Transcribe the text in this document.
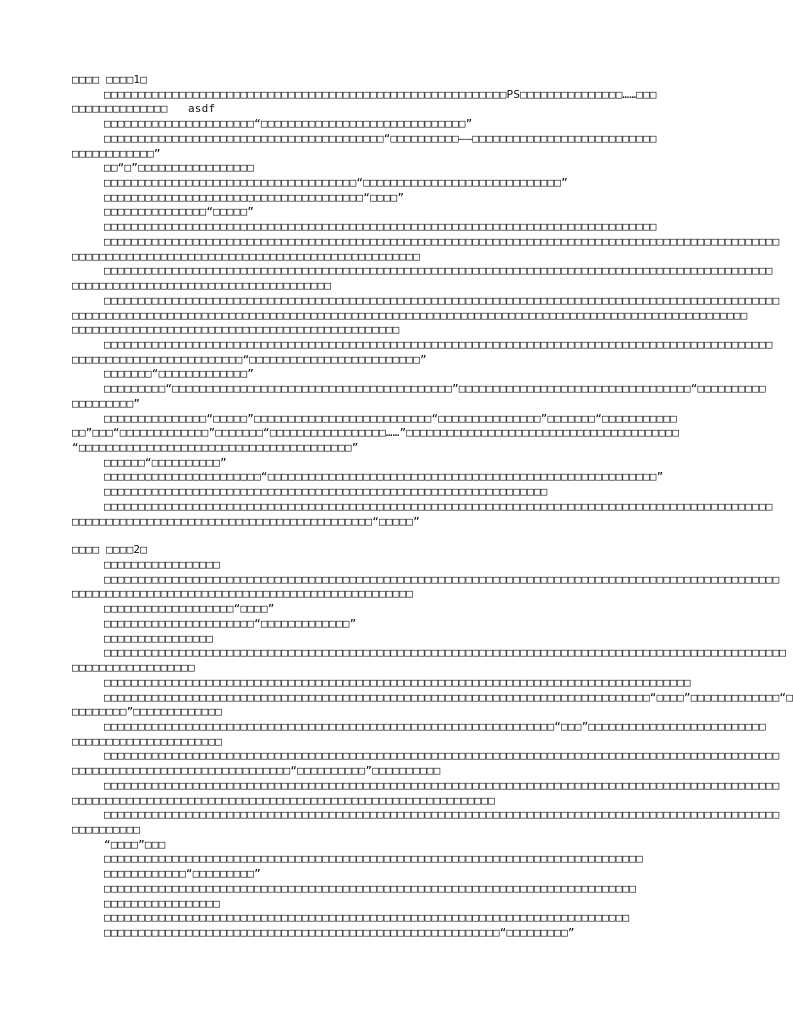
□□□□ □□□□1□
□□□□□□□□□□□□□□□□□□□□□□□□□□□□□□□□□□□□□□□□□□□□□□□□□□□□□□□□□□□PS□□□□□□□□□□□□□□□……□□□
□□□□□□□□□□□□□□   asdf
□□□□□□□□□□□□□□□□□□□□□□“□□□□□□□□□□□□□□□□□□□□□□□□□□□□□□”
□□□□□□□□□□□□□□□□□□□□□□□□□□□□□□□□□□□□□□□□□“□□□□□□□□□□——□□□□□□□□□□□□□□□□□□□□□□□□□□□
□□□□□□□□□□□□”
□□“□”□□□□□□□□□□□□□□□□□
□□□□□□□□□□□□□□□□□□□□□□□□□□□□□□□□□□□□□“□□□□□□□□□□□□□□□□□□□□□□□□□□□□□”
□□□□□□□□□□□□□□□□□□□□□□□□□□□□□□□□□□□□□□“□□□□”
□□□□□□□□□□□□□□□“□□□□□”
□□□□□□□□□□□□□□□□□□□□□□□□□□□□□□□□□□□□□□□□□□□□□□□□□□□□□□□□□□□□□□□□□□□□□□□□□□□□□□□□□
□□□□□□□□□□□□□□□□□□□□□□□□□□□□□□□□□□□□□□□□□□□□□□□□□□□□□□□□□□□□□□□□□□□□□□□□□□□□□□□□□□□□□□□□□□□□□□□□□□□
□□□□□□□□□□□□□□□□□□□□□□□□□□□□□□□□□□□□□□□□□□□□□□□□□□□
□□□□□□□□□□□□□□□□□□□□□□□□□□□□□□□□□□□□□□□□□□□□□□□□□□□□□□□□□□□□□□□□□□□□□□□□□□□□□□□□□□□□□□□□□□□□□□□□□□
□□□□□□□□□□□□□□□□□□□□□□□□□□□□□□□□□□□□□□
□□□□□□□□□□□□□□□□□□□□□□□□□□□□□□□□□□□□□□□□□□□□□□□□□□□□□□□□□□□□□□□□□□□□□□□□□□□□□□□□□□□□□□□□□□□□□□□□□□□
□□□□□□□□□□□□□□□□□□□□□□□□□□□□□□□□□□□□□□□□□□□□□□□□□□□□□□□□□□□□□□□□□□□□□□□□□□□□□□□□□□□□□□□□□□□□□□□□□□□
□□□□□□□□□□□□□□□□□□□□□□□□□□□□□□□□□□□□□□□□□□□□□□□□
□□□□□□□□□□□□□□□□□□□□□□□□□□□□□□□□□□□□□□□□□□□□□□□□□□□□□□□□□□□□□□□□□□□□□□□□□□□□□□□□□□□□□□□□□□□□□□□□□□
□□□□□□□□□□□□□□□□□□□□□□□□□“□□□□□□□□□□□□□□□□□□□□□□□□□”
□□□□□□□“□□□□□□□□□□□□□”
□□□□□□□□□“□□□□□□□□□□□□□□□□□□□□□□□□□□□□□□□□□□□□□□□□□”□□□□□□□□□□□□□□□□□□□□□□□□□□□□□□□□□□“□□□□□□□□□□
□□□□□□□□□”
□□□□□□□□□□□□□□□“□□□□□”□□□□□□□□□□□□□□□□□□□□□□□□□□“□□□□□□□□□□□□□□□”□□□□□□□“□□□□□□□□□□□
□□”□□□“□□□□□□□□□□□□□”□□□□□□□“□□□□□□□□□□□□□□□□□……”□□□□□□□□□□□□□□□□□□□□□□□□□□□□□□□□□□□□□□□□
“□□□□□□□□□□□□□□□□□□□□□□□□□□□□□□□□□□□□□□□□”
□□□□□□“□□□□□□□□□□”
□□□□□□□□□□□□□□□□□□□□□□□“□□□□□□□□□□□□□□□□□□□□□□□□□□□□□□□□□□□□□□□□□□□□□□□□□□□□□□□□□”
□□□□□□□□□□□□□□□□□□□□□□□□□□□□□□□□□□□□□□□□□□□□□□□□□□□□□□□□□□□□□□□□□
□□□□□□□□□□□□□□□□□□□□□□□□□□□□□□□□□□□□□□□□□□□□□□□□□□□□□□□□□□□□□□□□□□□□□□□□□□□□□□□□□□□□□□□□□□□□□□□□□□
□□□□□□□□□□□□□□□□□□□□□□□□□□□□□□□□□□□□□□□□□□□□“□□□□□”
□□□□ □□□□2□
□□□□□□□□□□□□□□□□□
□□□□□□□□□□□□□□□□□□□□□□□□□□□□□□□□□□□□□□□□□□□□□□□□□□□□□□□□□□□□□□□□□□□□□□□□□□□□□□□□□□□□□□□□□□□□□□□□□□□
□□□□□□□□□□□□□□□□□□□□□□□□□□□□□□□□□□□□□□□□□□□□□□□□□□
□□□□□□□□□□□□□□□□□□□“□□□□”
□□□□□□□□□□□□□□□□□□□□□□“□□□□□□□□□□□□□”
□□□□□□□□□□□□□□□□
□□□□□□□□□□□□□□□□□□□□□□□□□□□□□□□□□□□□□□□□□□□□□□□□□□□□□□□□□□□□□□□□□□□□□□□□□□□□□□□□□□□□□□□□□□□□□□□□□□□□
□□□□□□□□□□□□□□□□□□
□□□□□□□□□□□□□□□□□□□□□□□□□□□□□□□□□□□□□□□□□□□□□□□□□□□□□□□□□□□□□□□□□□□□□□□□□□□□□□□□□□□□□□
□□□□□□□□□□□□□□□□□□□□□□□□□□□□□□□□□□□□□□□□□□□□□□□□□□□□□□□□□□□□□□□□□□□□□□□□□□□□□□□□“□□□□”□□□□□□□□□□□□□“□
□□□□□□□□”□□□□□□□□□□□□□
□□□□□□□□□□□□□□□□□□□□□□□□□□□□□□□□□□□□□□□□□□□□□□□□□□□□□□□□□□□□□□□□□□“□□□”□□□□□□□□□□□□□□□□□□□□□□□□□□
□□□□□□□□□□□□□□□□□□□□□□
□□□□□□□□□□□□□□□□□□□□□□□□□□□□□□□□□□□□□□□□□□□□□□□□□□□□□□□□□□□□□□□□□□□□□□□□□□□□□□□□□□□□□□□□□□□□□□□□□□□
□□□□□□□□□□□□□□□□□□□□□□□□□□□□□□□□“□□□□□□□□□□”□□□□□□□□□□
□□□□□□□□□□□□□□□□□□□□□□□□□□□□□□□□□□□□□□□□□□□□□□□□□□□□□□□□□□□□□□□□□□□□□□□□□□□□□□□□□□□□□□□□□□□□□□□□□□□
□□□□□□□□□□□□□□□□□□□□□□□□□□□□□□□□□□□□□□□□□□□□□□□□□□□□□□□□□□□□□□
□□□□□□□□□□□□□□□□□□□□□□□□□□□□□□□□□□□□□□□□□□□□□□□□□□□□□□□□□□□□□□□□□□□□□□□□□□□□□□□□□□□□□□□□□□□□□□□□□□□
□□□□□□□□□□
“□□□□”□□□
□□□□□□□□□□□□□□□□□□□□□□□□□□□□□□□□□□□□□□□□□□□□□□□□□□□□□□□□□□□□□□□□□□□□□□□□□□□□□□□
□□□□□□□□□□□□“□□□□□□□□□”
□□□□□□□□□□□□□□□□□□□□□□□□□□□□□□□□□□□□□□□□□□□□□□□□□□□□□□□□□□□□□□□□□□□□□□□□□□□□□□
□□□□□□□□□□□□□□□□□
□□□□□□□□□□□□□□□□□□□□□□□□□□□□□□□□□□□□□□□□□□□□□□□□□□□□□□□□□□□□□□□□□□□□□□□□□□□□□
□□□□□□□□□□□□□□□□□□□□□□□□□□□□□□□□□□□□□□□□□□□□□□□□□□□□□□□□□□“□□□□□□□□□”
